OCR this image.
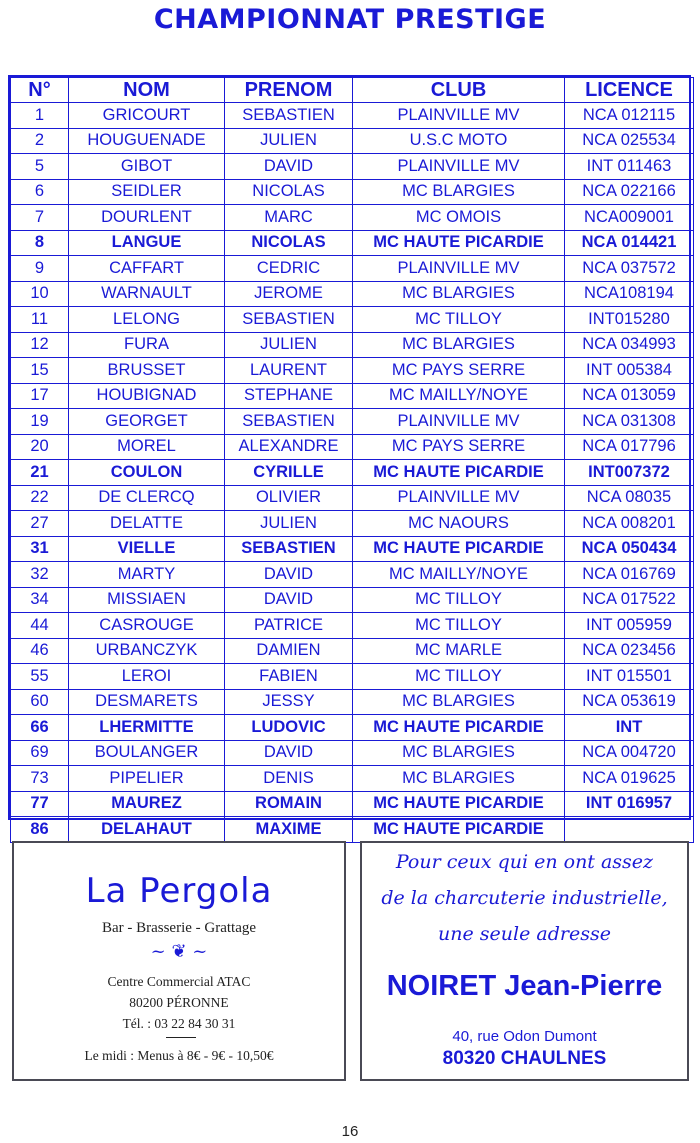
CHAMPIONNAT PRESTIGE
N°	NOM	PRENOM	CLUB	LICENCE
1	GRICOURT	SEBASTIEN	PLAINVILLE MV	NCA 012115
2	HOUGUENADE	JULIEN	U.S.C MOTO	NCA 025534
5	GIBOT	DAVID	PLAINVILLE MV	INT 011463
6	SEIDLER	NICOLAS	MC BLARGIES	NCA 022166
7	DOURLENT	MARC	MC OMOIS	NCA009001
8	LANGUE	NICOLAS	MC HAUTE PICARDIE	NCA 014421
9	CAFFART	CEDRIC	PLAINVILLE MV	NCA 037572
10	WARNAULT	JEROME	MC BLARGIES	NCA108194
11	LELONG	SEBASTIEN	MC TILLOY	INT015280
12	FURA	JULIEN	MC BLARGIES	NCA 034993
15	BRUSSET	LAURENT	MC PAYS SERRE	INT 005384
17	HOUBIGNAD	STEPHANE	MC MAILLY/NOYE	NCA 013059
19	GEORGET	SEBASTIEN	PLAINVILLE MV	NCA 031308
20	MOREL	ALEXANDRE	MC PAYS SERRE	NCA 017796
21	COULON	CYRILLE	MC HAUTE PICARDIE	INT007372
22	DE CLERCQ	OLIVIER	PLAINVILLE MV	NCA 08035
27	DELATTE	JULIEN	MC NAOURS	NCA 008201
31	VIELLE	SEBASTIEN	MC HAUTE PICARDIE	NCA 050434
32	MARTY	DAVID	MC MAILLY/NOYE	NCA 016769
34	MISSIAEN	DAVID	MC TILLOY	NCA 017522
44	CASROUGE	PATRICE	MC TILLOY	INT 005959
46	URBANCZYK	DAMIEN	MC MARLE	NCA 023456
55	LEROI	FABIEN	MC TILLOY	INT 015501
60	DESMARETS	JESSY	MC BLARGIES	NCA 053619
66	LHERMITTE	LUDOVIC	MC HAUTE PICARDIE	INT
69	BOULANGER	DAVID	MC BLARGIES	NCA 004720
73	PIPELIER	DENIS	MC BLARGIES	NCA 019625
77	MAUREZ	ROMAIN	MC HAUTE PICARDIE	INT 016957
86	DELAHAUT	MAXIME	MC HAUTE PICARDIE	
La Pergola
Bar - Brasserie - Grattage
~ ❦ ~
Centre Commercial ATAC
80200 PÉRONNE
Tél. : 03 22 84 30 31
Le midi : Menus à 8€ - 9€ - 10,50€
Pour ceux qui en ont assez
de la charcuterie industrielle,
une seule adresse
NOIRET Jean-Pierre
40, rue Odon Dumont
80320 CHAULNES
16
